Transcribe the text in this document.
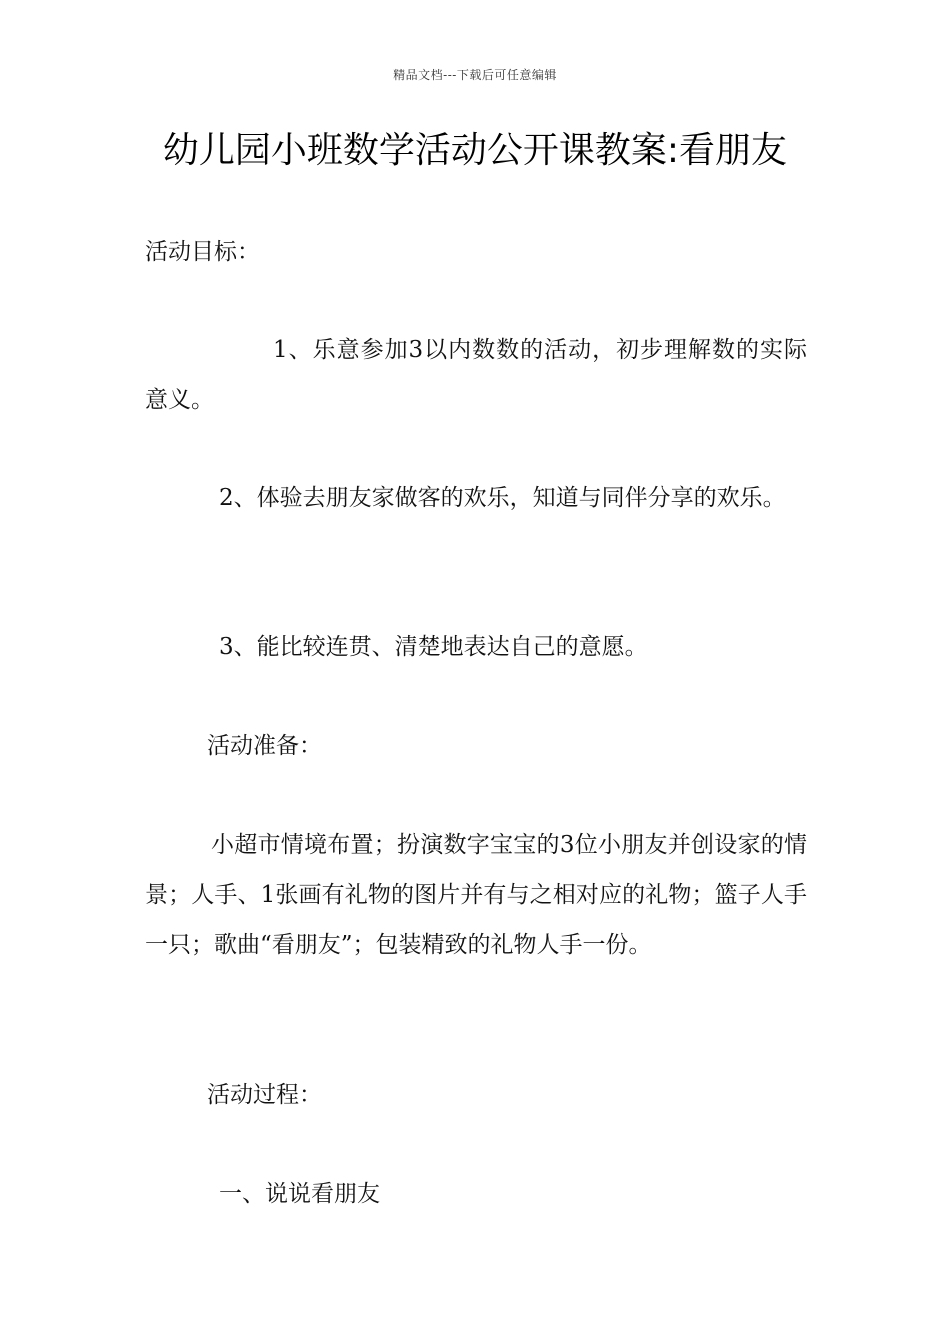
精品文档---下载后可任意编辑
幼儿园小班数学活动公开课教案:看朋友

活动目标：

1、乐意参加3以内数数的活动，初步理解数的实际意义。

2、体验去朋友家做客的欢乐，知道与同伴分享的欢乐。

3、能比较连贯、清楚地表达自己的意愿。

活动准备：

小超市情境布置；扮演数字宝宝的3位小朋友并创设家的情景；人手、1张画有礼物的图片并有与之相对应的礼物；篮子人手一只；歌曲“看朋友”；包装精致的礼物人手一份。

活动过程：

一、说说看朋友
